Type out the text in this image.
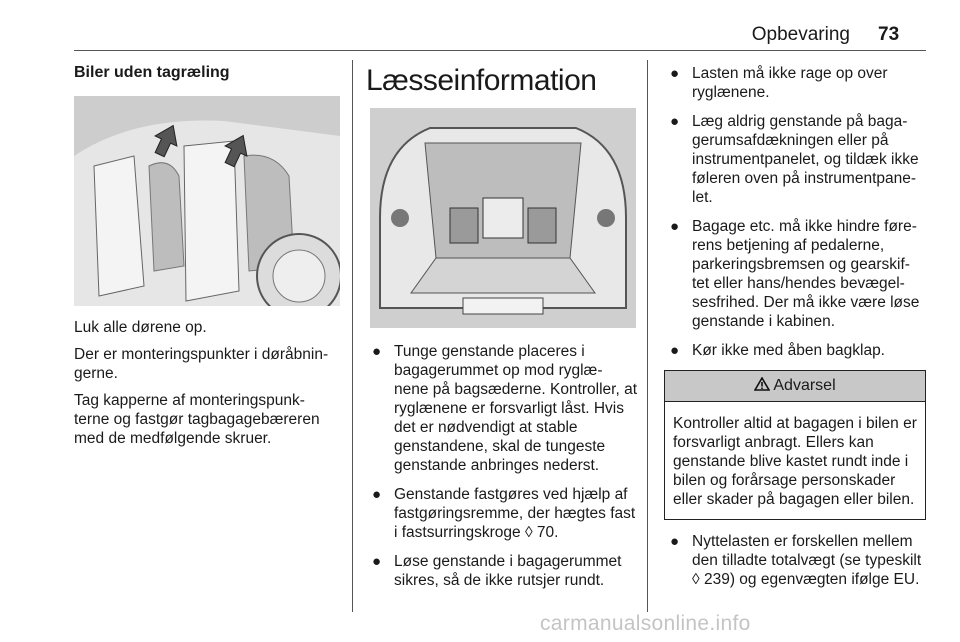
Opbevaring 73
Biler uden tagræling

Luk alle dørene op.

Der er monteringspunkter i døråbnin- gerne.

Tag kapperne af monteringspunk- terne og fastgør tagbagagebæreren med de medfølgende skruer.

Læsseinformation
● Tunge genstande placeres i bagagerummet op mod ryglæ- nene på bagsæderne. Kontroller, at ryglænene er forsvarligt låst. Hvis det er nødvendigt at stable genstandene, skal de tungeste genstande anbringes nederst.
● Genstande fastgøres ved hjælp af fastgøringsremme, der hægtes fast i fastsurringskroge ◊ 70.
● Løse genstande i bagagerummet sikres, så de ikke rutsjer rundt.
● Lasten må ikke rage op over ryglænene.
● Læg aldrig genstande på baga- gerumsafdækningen eller på instrumentpanelet, og tildæk ikke føleren oven på instrumentpane- let.
● Bagage etc. må ikke hindre føre- rens betjening af pedalerne, parkeringsbremsen og gearskif- tet eller hans/hendes bevægel- sesfrihed. Der må ikke være løse genstande i kabinen.
● Kør ikke med åben bagklap.
Advarsel
Kontroller altid at bagagen i bilen er forsvarligt anbragt. Ellers kan genstande blive kastet rundt inde i bilen og forårsage personskader eller skader på bagagen eller bilen.
● Nyttelasten er forskellen mellem den tilladte totalvægt (se typeskilt ◊ 239) og egenvægten ifølge EU.
carmanualsonline.info
